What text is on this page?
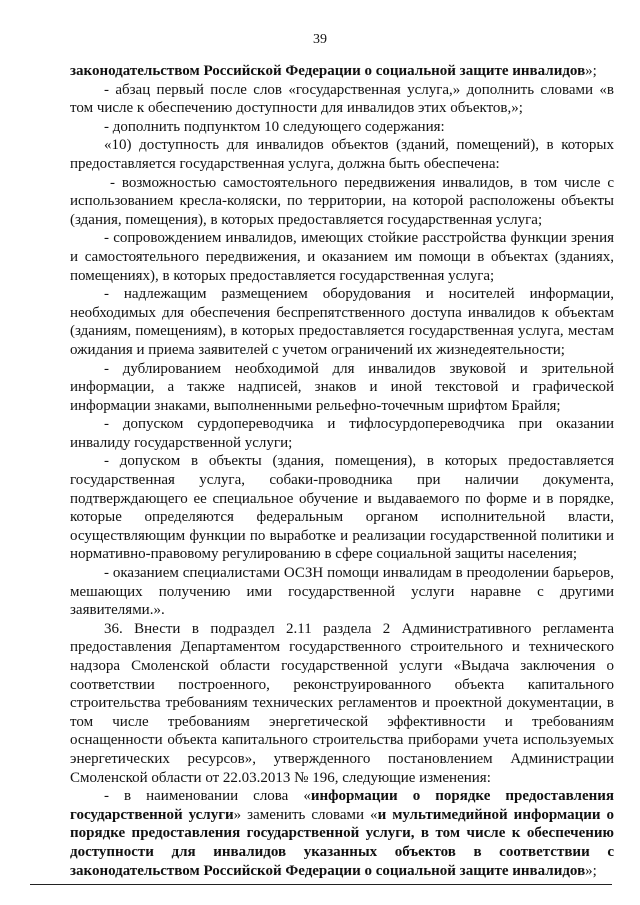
39

законодательством Российской Федерации о социальной защите инвалидов»;

- абзац первый после слов «государственная услуга,» дополнить словами «в том числе к обеспечению доступности для инвалидов этих объектов,»;

- дополнить подпунктом 10 следующего содержания:

«10) доступность для инвалидов объектов (зданий, помещений), в которых предоставляется государственная услуга, должна быть обеспечена:

- возможностью самостоятельного передвижения инвалидов, в том числе с использованием кресла-коляски, по территории, на которой расположены объекты (здания, помещения), в которых предоставляется государственная услуга;

- сопровождением инвалидов, имеющих стойкие расстройства функции зрения и самостоятельного передвижения, и оказанием им помощи в объектах (зданиях, помещениях), в которых предоставляется государственная услуга;

- надлежащим размещением оборудования и носителей информации, необходимых для обеспечения беспрепятственного доступа инвалидов к объектам (зданиям, помещениям), в которых предоставляется государственная услуга, местам ожидания и приема заявителей с учетом ограничений их жизнедеятельности;

- дублированием необходимой для инвалидов звуковой и зрительной информации, а также надписей, знаков и иной текстовой и графической информации знаками, выполненными рельефно-точечным шрифтом Брайля;

- допуском сурдопереводчика и тифлосурдопереводчика при оказании инвалиду государственной услуги;

- допуском в объекты (здания, помещения), в которых предоставляется государственная услуга, собаки-проводника при наличии документа, подтверждающего ее специальное обучение и выдаваемого по форме и в порядке, которые определяются федеральным органом исполнительной власти, осуществляющим функции по выработке и реализации государственной политики и нормативно-правовому регулированию в сфере социальной защиты населения;

- оказанием специалистами ОСЗН помощи инвалидам в преодолении барьеров, мешающих получению ими государственной услуги наравне с другими заявителями.».

36. Внести в подраздел 2.11 раздела 2 Административного регламента предоставления Департаментом государственного строительного и технического надзора Смоленской области государственной услуги «Выдача заключения о соответствии построенного, реконструированного объекта капитального строительства требованиям технических регламентов и проектной документации, в том числе требованиям энергетической эффективности и требованиям оснащенности объекта капитального строительства приборами учета используемых энергетических ресурсов», утвержденного постановлением Администрации Смоленской области от 22.03.2013 № 196, следующие изменения:

- в наименовании слова «информации о порядке предоставления государственной услуги» заменить словами «и мультимедийной информации о порядке предоставления государственной услуги, в том числе к обеспечению доступности для инвалидов указанных объектов в соответствии с законодательством Российской Федерации о социальной защите инвалидов»;
